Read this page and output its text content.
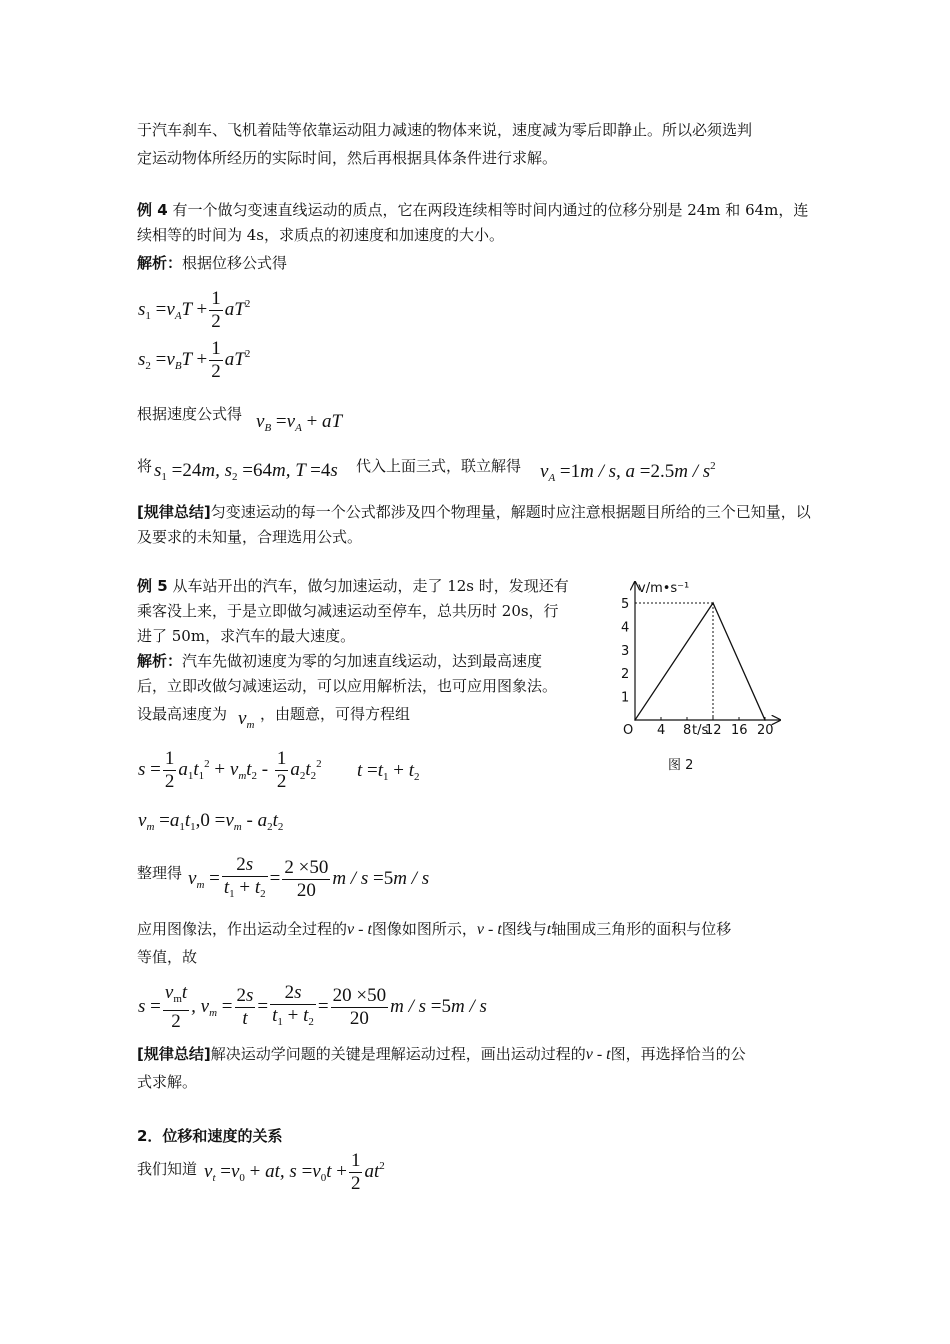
于汽车刹车、飞机着陆等依靠运动阻力减速的物体来说，速度减为零后即静止。所以必须选判
定运动物体所经历的实际时间，然后再根据具体条件进行求解。
例 4 有一个做匀变速直线运动的质点，它在两段连续相等时间内通过的位移分别是 24m 和 64m，连续相等的时间为 4s，求质点的初速度和加速度的大小。
解析：根据位移公式得
$s_1 =v_AT + \frac{1}{2} aT^2$
$s_2 =v_BT + \frac{1}{2} aT^2$
根据速度公式得 $v_B =v_A$ + aT
将 $s_1 =24m$, $s_2 =64m$, T =4s 代入上面三式，联立解得 $v_A =1m / s$, $a =2.5m / s^2$
[规律总结]匀变速运动的每一个公式都涉及四个物理量，解题时应注意根据题目所给的三个已知量，以及要求的未知量，合理选用公式。
例 5 从车站开出的汽车，做匀加速运动，走了 12s 时，发现还有
乘客没上来，于是立即做匀减速运动至停车，总共历时 20s，行
进了 50m，求汽车的最大速度。
解析：汽车先做初速度为零的匀加速直线运动，达到最高速度
后，立即改做匀减速运动，可以应用解析法，也可应用图象法。
设最高速度为 $v_m$
，由题意，可得方程组
$s = \frac{1}{2} a_1t_1^2 + v_mt_2 - \frac{1}{2} a_2t_2^2$ $t =t_1 + t_2$
$v_m =a_1t_1,0 =v_m - a_2t_2$
整理得 $v_m = \frac{2s}{t_1 + t_2} = \frac{2 \times 50}{20}$ m / s =5m / s
应用图像法，作出运动全过程的v - t图像如图所示，v - t图线与t轴围成三角形的面积与位移
等值，故
$s = \frac{v_mt}{2}$ , $v_m = \frac{2s}{t} = \frac{2s}{t_1 + t_2} = \frac{20 \times 50}{20}$ m / s =5m / s
[规律总结]解决运动学问题的关键是理解运动过程，画出运动过程的v - t图，再选择恰当的公
式求解。
2．位移和速度的关系
我们知道 $v_t =v_0$ + at, $s =v_0t + \frac{1}{2} at^2$
v/m•s⁻¹
O	t/s
4 8 12 16 20
1
2
3
4
5
图 2
